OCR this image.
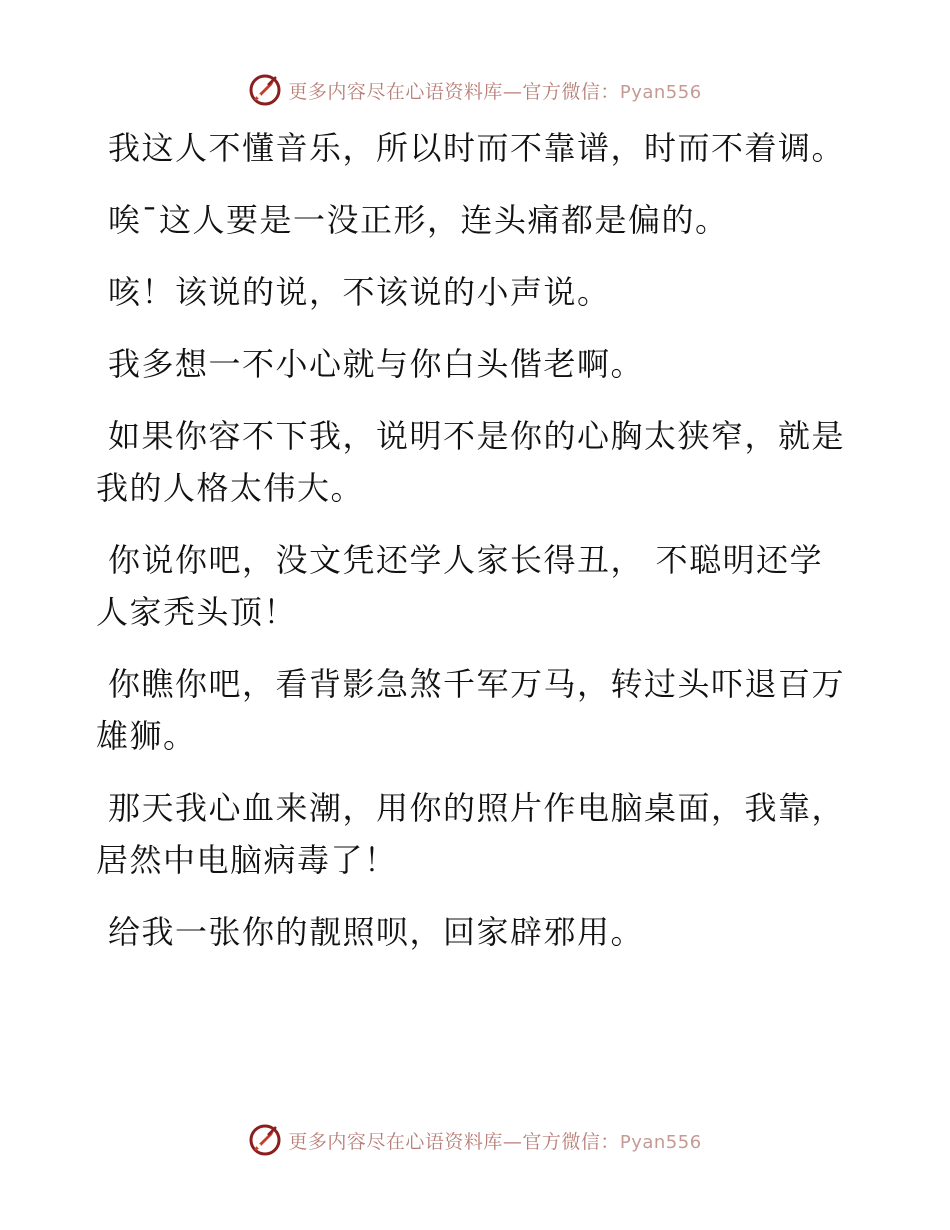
更多内容尽在心语资料库—官方微信：Pyan556

我这人不懂音乐，所以时而不靠谱，时而不着调。

唉¯这人要是一没正形，连头痛都是偏的。

咳！该说的说，不该说的小声说。

我多想一不小心就与你白头偕老啊。

如果你容不下我，说明不是你的心胸太狭窄，就是我的人格太伟大。

你说你吧，没文凭还学人家长得丑， 不聪明还学人家秃头顶！

你瞧你吧，看背影急煞千军万马，转过头吓退百万雄狮。

那天我心血来潮，用你的照片作电脑桌面，我靠，居然中电脑病毒了！

给我一张你的靓照呗，回家辟邪用。

更多内容尽在心语资料库—官方微信：Pyan556
